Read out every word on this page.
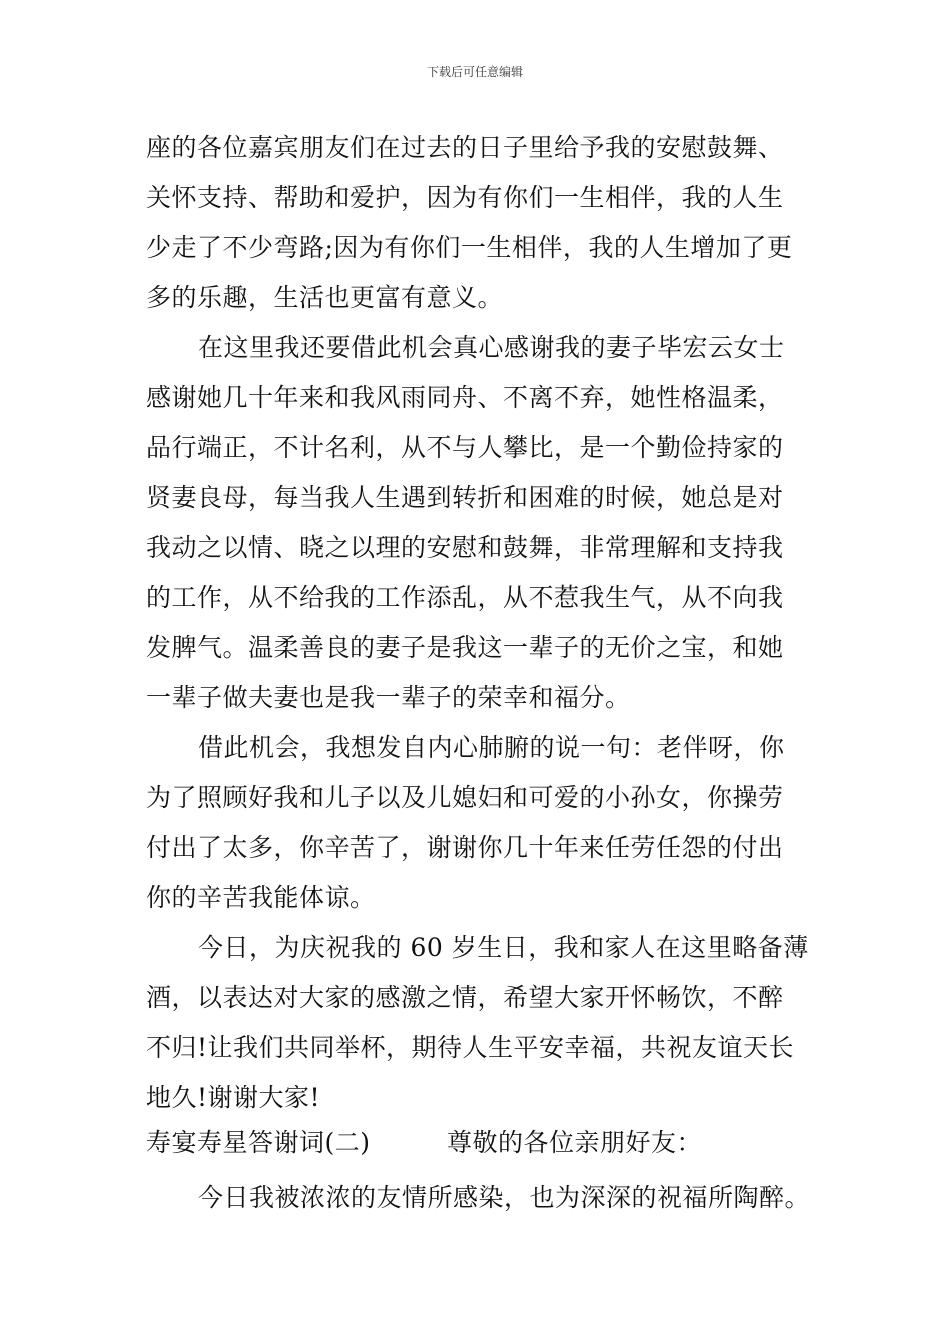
下载后可任意编辑
座的各位嘉宾朋友们在过去的日子里给予我的安慰鼓舞、
关怀支持、帮助和爱护，因为有你们一生相伴，我的人生
少走了不少弯路;因为有你们一生相伴，我的人生增加了更
多的乐趣，生活也更富有意义。
在这里我还要借此机会真心感谢我的妻子毕宏云女士
感谢她几十年来和我风雨同舟、不离不弃，她性格温柔，
品行端正，不计名利，从不与人攀比，是一个勤俭持家的
贤妻良母，每当我人生遇到转折和困难的时候，她总是对
我动之以情、晓之以理的安慰和鼓舞，非常理解和支持我
的工作，从不给我的工作添乱，从不惹我生气，从不向我
发脾气。温柔善良的妻子是我这一辈子的无价之宝，和她
一辈子做夫妻也是我一辈子的荣幸和福分。
借此机会，我想发自内心肺腑的说一句：老伴呀，你
为了照顾好我和儿子以及儿媳妇和可爱的小孙女，你操劳
付出了太多，你辛苦了，谢谢你几十年来任劳任怨的付出
你的辛苦我能体谅。
今日，为庆祝我的 60 岁生日，我和家人在这里略备薄
酒，以表达对大家的感激之情，希望大家开怀畅饮，不醉
不归!让我们共同举杯，期待人生平安幸福，共祝友谊天长
地久!谢谢大家!
寿宴寿星答谢词(二)　　　尊敬的各位亲朋好友：
今日我被浓浓的友情所感染，也为深深的祝福所陶醉。
